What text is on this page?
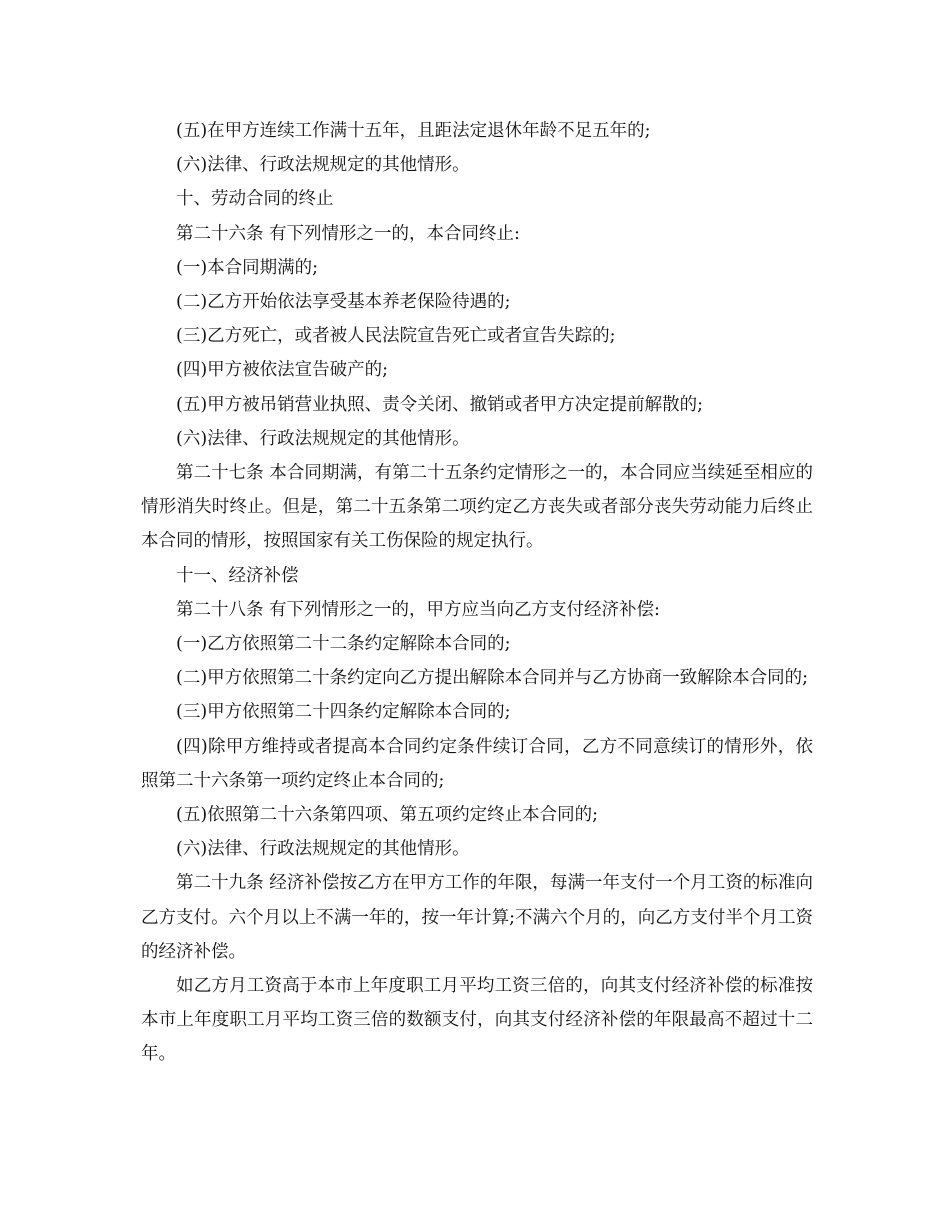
(五)在甲方连续工作满十五年，且距法定退休年龄不足五年的;

(六)法律、行政法规规定的其他情形。

十、劳动合同的终止

第二十六条 有下列情形之一的，本合同终止:

(一)本合同期满的;

(二)乙方开始依法享受基本养老保险待遇的;

(三)乙方死亡，或者被人民法院宣告死亡或者宣告失踪的;

(四)甲方被依法宣告破产的;

(五)甲方被吊销营业执照、责令关闭、撤销或者甲方决定提前解散的;

(六)法律、行政法规规定的其他情形。

第二十七条 本合同期满，有第二十五条约定情形之一的，本合同应当续延至相应的情形消失时终止。但是，第二十五条第二项约定乙方丧失或者部分丧失劳动能力后终止本合同的情形，按照国家有关工伤保险的规定执行。

十一、经济补偿

第二十八条 有下列情形之一的，甲方应当向乙方支付经济补偿:

(一)乙方依照第二十二条约定解除本合同的;

(二)甲方依照第二十条约定向乙方提出解除本合同并与乙方协商一致解除本合同的;

(三)甲方依照第二十四条约定解除本合同的;

(四)除甲方维持或者提高本合同约定条件续订合同，乙方不同意续订的情形外，依照第二十六条第一项约定终止本合同的;

(五)依照第二十六条第四项、第五项约定终止本合同的;

(六)法律、行政法规规定的其他情形。

第二十九条 经济补偿按乙方在甲方工作的年限，每满一年支付一个月工资的标准向乙方支付。六个月以上不满一年的，按一年计算;不满六个月的，向乙方支付半个月工资的经济补偿。

如乙方月工资高于本市上年度职工月平均工资三倍的，向其支付经济补偿的标准按本市上年度职工月平均工资三倍的数额支付，向其支付经济补偿的年限最高不超过十二年。
